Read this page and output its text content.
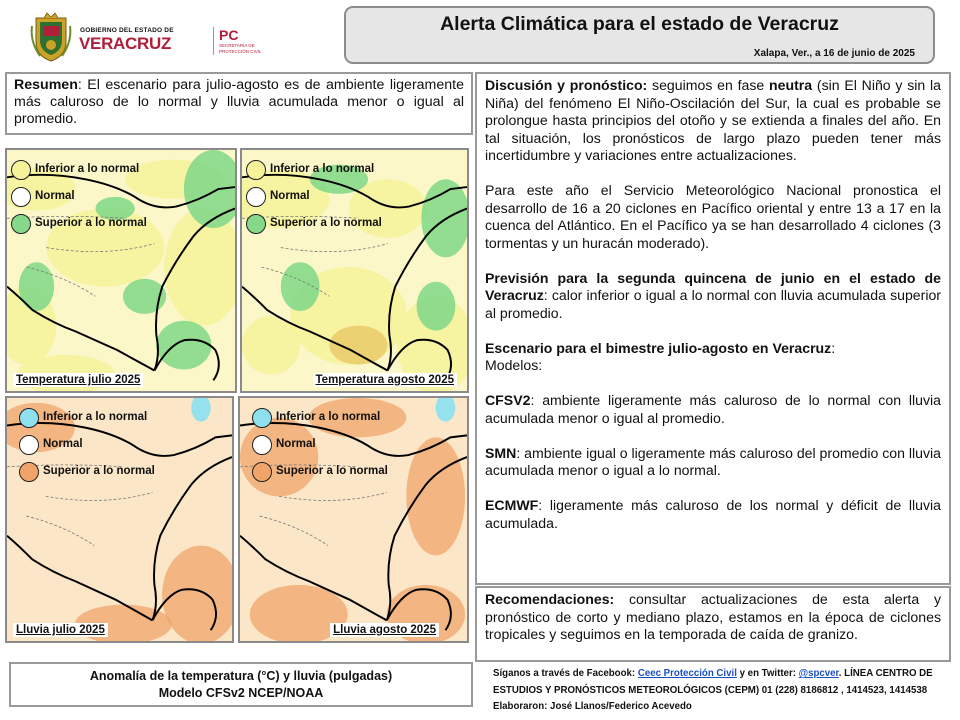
GOBIERNO DEL ESTADO DE
VERACRUZ	PC
SECRETARÍA DE PROTECCIÓN CIVIL
Alerta Climática para el estado de Veracruz
Xalapa, Ver., a 16 de junio de 2025
Resumen: El escenario para julio-agosto es de ambiente ligeramente más caluroso de lo normal y lluvia acumulada menor o igual al promedio.
Inferior a lo normal
Normal
Superior a lo normal
Temperatura julio 2025
Inferior a lo normal
Normal
Superior a lo normal
Temperatura agosto 2025
Inferior a lo normal
Normal
Superior a lo normal
Lluvia julio 2025
Inferior a lo normal
Normal
Superior a lo normal
Lluvia agosto 2025

Discusión y pronóstico: seguimos en fase neutra (sin El Niño y sin la Niña) del fenómeno El Niño-Oscilación del Sur, la cual es probable se prolongue hasta principios del otoño y se extienda a finales del año. En tal situación, los pronósticos de largo plazo pueden tener más incertidumbre y variaciones entre actualizaciones.

Para este año el Servicio Meteorológico Nacional pronostica el desarrollo de 16 a 20 ciclones en Pacífico oriental y entre 13 a 17 en la cuenca del Atlántico. En el Pacífico ya se han desarrollado 4 ciclones (3 tormentas y un huracán moderado).

Previsión para la segunda quincena de junio en el estado de Veracruz: calor inferior o igual a lo normal con lluvia acumulada superior al promedio.

Escenario para el bimestre julio-agosto en Veracruz:
Modelos:

CFSV2: ambiente ligeramente más caluroso de lo normal con lluvia acumulada menor o igual al promedio.

SMN: ambiente igual o ligeramente más caluroso del promedio con lluvia acumulada menor o igual a lo normal.

ECMWF: ligeramente más caluroso de los normal y déficit de lluvia acumulada.

Recomendaciones: consultar actualizaciones de esta alerta y pronóstico de corto y mediano plazo, estamos en la época de ciclones tropicales y seguimos en la temporada de caída de granizo.
Anomalía de la temperatura (°C) y lluvia (pulgadas)
Modelo CFSv2 NCEP/NOAA
Síganos a través de Facebook: Ceec Protección Civil y en Twitter: @spcver. LÍNEA CENTRO DE ESTUDIOS Y PRONÓSTICOS METEOROLÓGICOS (CEPM) 01 (228) 8186812 , 1414523, 1414538 Elaboraron: José Llanos/Federico Acevedo
